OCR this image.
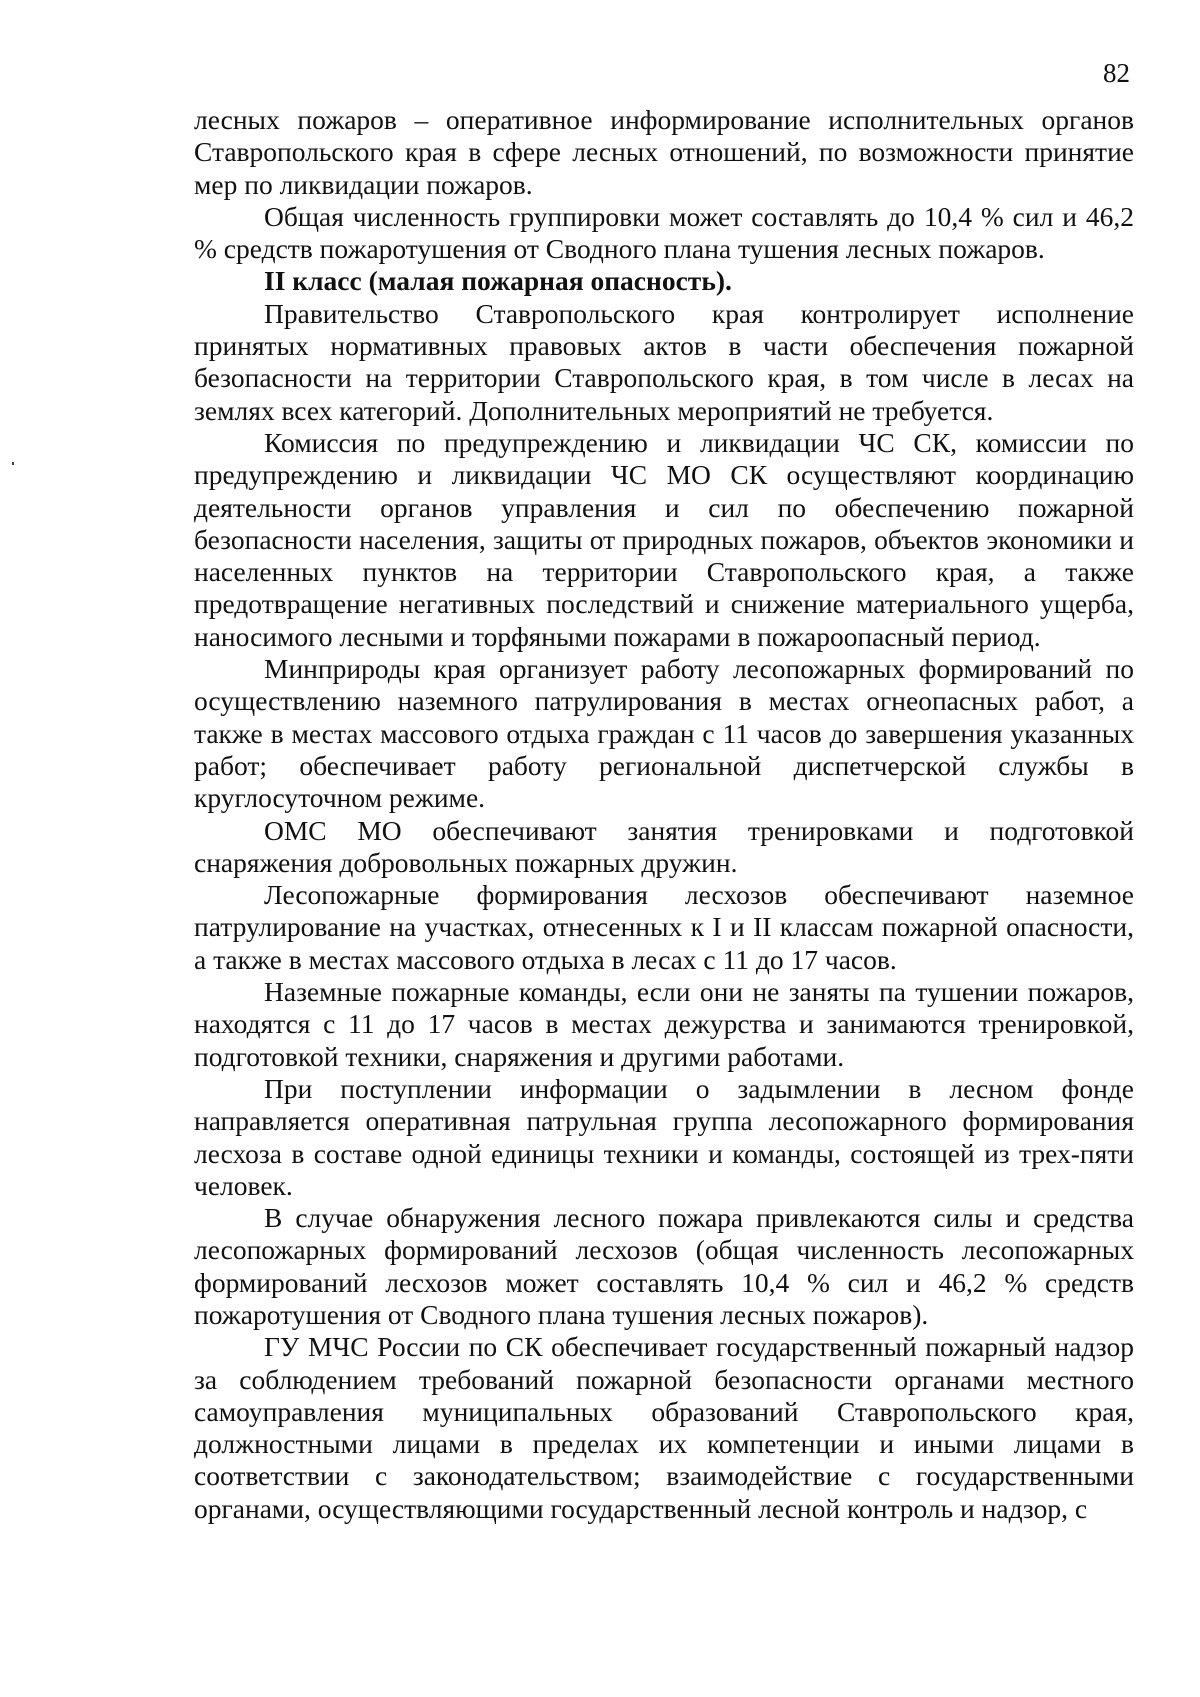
82

лесных пожаров – оперативное информирование исполнительных органов Ставропольского края в сфере лесных отношений, по возможности принятие мер по ликвидации пожаров.

Общая численность группировки может составлять до 10,4 % сил и 46,2 % средств пожаротушения от Сводного плана тушения лесных пожаров.

II класс (малая пожарная опасность).

Правительство Ставропольского края контролирует исполнение принятых нормативных правовых актов в части обеспечения пожарной безопасности на территории Ставропольского края, в том числе в лесах на землях всех категорий. Дополнительных мероприятий не требуется.

Комиссия по предупреждению и ликвидации ЧС СК, комиссии по предупреждению и ликвидации ЧС МО СК осуществляют координацию деятельности органов управления и сил по обеспечению пожарной безопасности населения, защиты от природных пожаров, объектов экономики и населенных пунктов на территории Ставропольского края, а также предотвращение негативных последствий и снижение материального ущерба, наносимого лесными и торфяными пожарами в пожароопасный период.

Минприроды края организует работу лесопожарных формирований по осуществлению наземного патрулирования в местах огнеопасных работ, а также в местах массового отдыха граждан с 11 часов до завершения указанных работ; обеспечивает работу региональной диспетчерской службы в круглосуточном режиме.

ОМС МО обеспечивают занятия тренировками и подготовкой снаряжения добровольных пожарных дружин.

Лесопожарные формирования лесхозов обеспечивают наземное патрулирование на участках, отнесенных к I и II классам пожарной опасности, а также в местах массового отдыха в лесах с 11 до 17 часов.

Наземные пожарные команды, если они не заняты па тушении пожаров, находятся с 11 до 17 часов в местах дежурства и занимаются тренировкой, подготовкой техники, снаряжения и другими работами.

При поступлении информации о задымлении в лесном фонде направляется оперативная патрульная группа лесопожарного формирования лесхоза в составе одной единицы техники и команды, состоящей из трех-пяти человек.

В случае обнаружения лесного пожара привлекаются силы и средства лесопожарных формирований лесхозов (общая численность лесопожарных формирований лесхозов может составлять 10,4 % сил и 46,2 % средств пожаротушения от Сводного плана тушения лесных пожаров).

ГУ МЧС России по СК обеспечивает государственный пожарный надзор за соблюдением требований пожарной безопасности органами местного самоуправления муниципальных образований Ставропольского края, должностными лицами в пределах их компетенции и иными лицами в соответствии с законодательством; взаимодействие с государственными органами, осуществляющими государственный лесной контроль и надзор, с
